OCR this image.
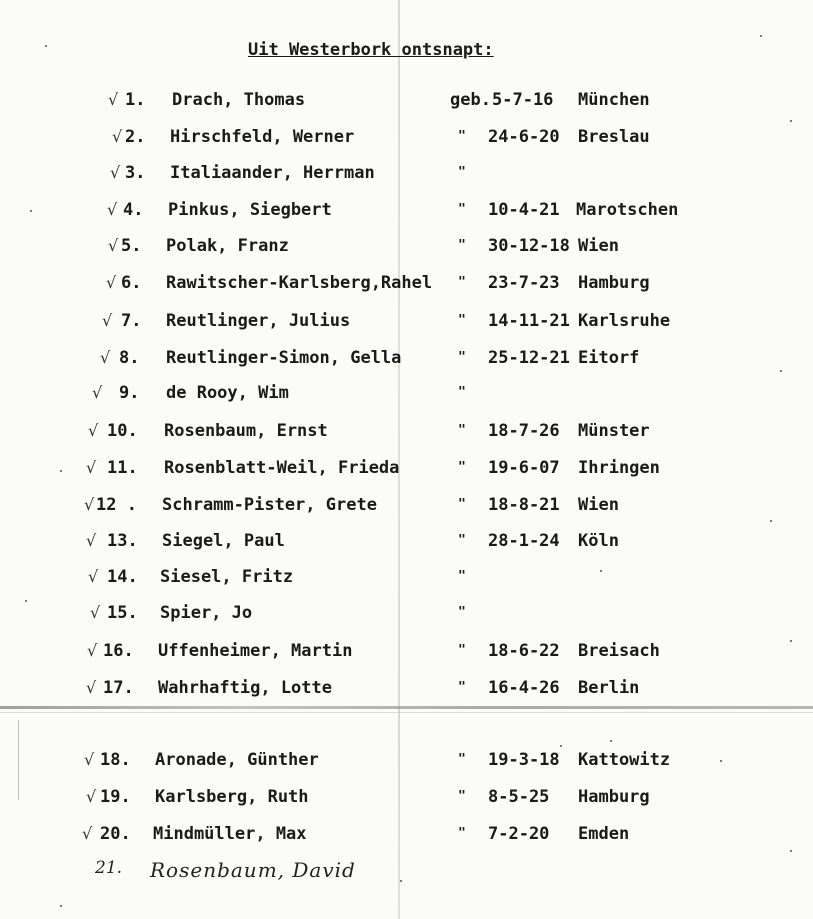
Uit Westerbork ontsnapt:
√ 1.	Drach, Thomas	geb. 5-7-16 München
√ 2.	Hirschfeld, Werner	" 24-6-20 Breslau
√ 3.	Italiaander, Herrman	"
√ 4.	Pinkus, Siegbert	" 10-4-21 Marotschen
√ 5.	Polak, Franz	" 30-12-18 Wien
√ 6.	Rawitscher-Karlsberg,Rahel " 23-7-23 Hamburg
√ 7.	Reutlinger, Julius	" 14-11-21 Karlsruhe
√ 8.	Reutlinger-Simon, Gella	" 25-12-21 Eitorf
√ 9.	de Rooy, Wim	"
√ 10.	Rosenbaum, Ernst	" 18-7-26 Münster
√ 11.	Rosenblatt-Weil, Frieda	" 19-6-07 Ihringen
√ 12 . Schramm-Pister, Grete	" 18-8-21 Wien
√ 13.	Siegel, Paul	" 28-1-24 Köln
√ 14.	Siesel, Fritz	"
√ 15.	Spier, Jo	"
√ 16.	Uffenheimer, Martin	" 18-6-22 Breisach
√ 17.	Wahrhaftig, Lotte	" 16-4-26 Berlin
√ 18.	Aronade, Günther	" 19-3-18 Kattowitz
√ 19.	Karlsberg, Ruth	" 8-5-25 Hamburg
√ 20.	Mindmüller, Max	" 7-2-20 Emden
21. Rosenbaum, David
